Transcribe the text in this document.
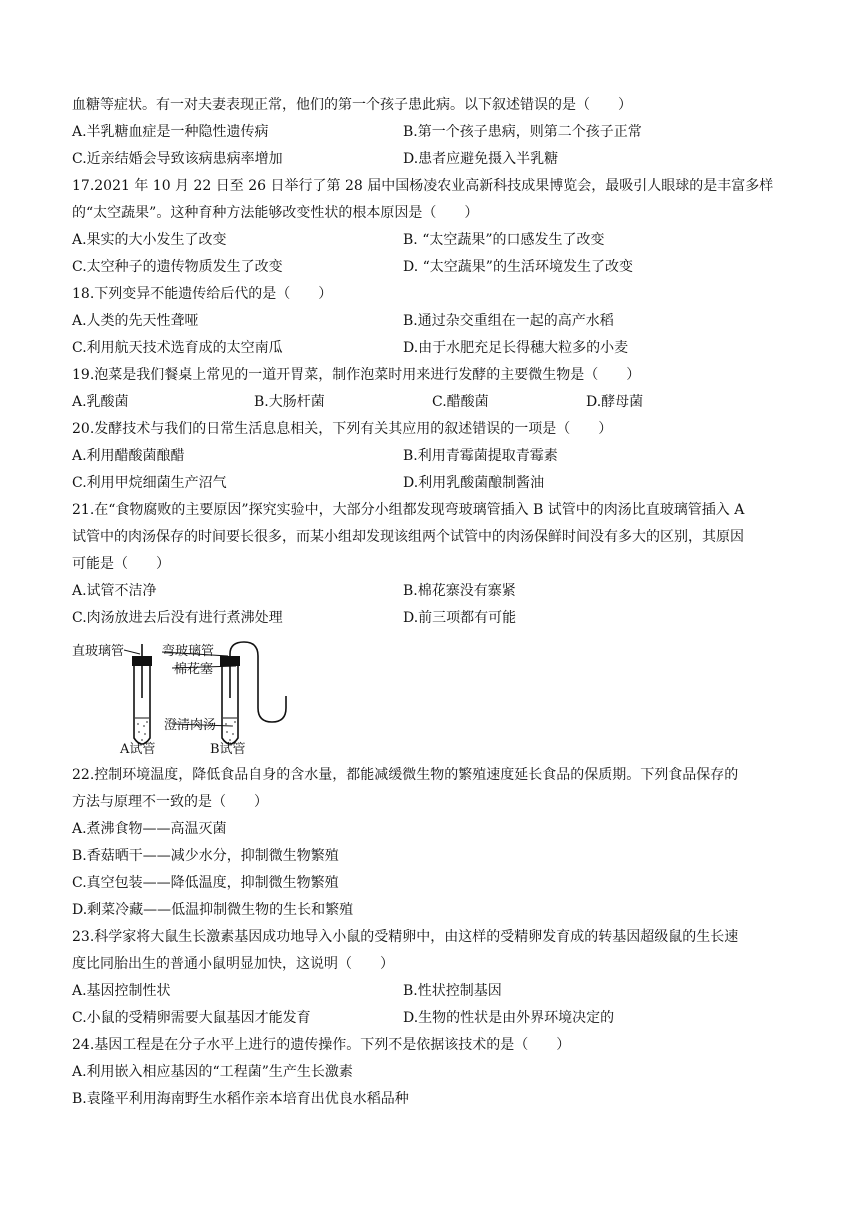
血糖等症状。有一对夫妻表现正常，他们的第一个孩子患此病。以下叙述错误的是（　　）
A.半乳糖血症是一种隐性遗传病	B.第一个孩子患病，则第二个孩子正常
C.近亲结婚会导致该病患病率增加	D.患者应避免摄入半乳糖
17.2021 年 10 月 22 日至 26 日举行了第 28 届中国杨凌农业高新科技成果博览会，最吸引人眼球的是丰富多样
的“太空蔬果”。这种育种方法能够改变性状的根本原因是（　　）
A.果实的大小发生了改变	B. “太空蔬果”的口感发生了改变
C.太空种子的遗传物质发生了改变	D. “太空蔬果”的生活环境发生了改变
18.下列变异不能遗传给后代的是（　　）
A.人类的先天性聋哑	B.通过杂交重组在一起的高产水稻
C.利用航天技术选育成的太空南瓜	D.由于水肥充足长得穗大粒多的小麦
19.泡菜是我们餐桌上常见的一道开胃菜，制作泡菜时用来进行发酵的主要微生物是（　　）
A.乳酸菌	B.大肠杆菌	C.醋酸菌	D.酵母菌
20.发酵技术与我们的日常生活息息相关，下列有关其应用的叙述错误的一项是（　　）
A.利用醋酸菌酿醋	B.利用青霉菌提取青霉素
C.利用甲烷细菌生产沼气	D.利用乳酸菌酿制酱油
21.在“食物腐败的主要原因”探究实验中，大部分小组都发现弯玻璃管插入 B 试管中的肉汤比直玻璃管插入 A
试管中的肉汤保存的时间要长很多，而某小组却发现该组两个试管中的肉汤保鲜时间没有多大的区别，其原因
可能是（　　）
A.试管不洁净	B.棉花寨没有寨紧
C.肉汤放进去后没有进行煮沸处理	D.前三项都有可能
直玻璃管	弯玻璃管
棉花塞
澄清肉汤
A试管	B试管
22.控制环境温度，降低食品自身的含水量，都能减缓微生物的繁殖速度延长食品的保质期。下列食品保存的
方法与原理不一致的是（　　）
A.煮沸食物——高温灭菌
B.香菇晒干——减少水分，抑制微生物繁殖
C.真空包装——降低温度，抑制微生物繁殖
D.剩菜冷藏——低温抑制微生物的生长和繁殖
23.科学家将大鼠生长激素基因成功地导入小鼠的受精卵中，由这样的受精卵发育成的转基因超级鼠的生长速
度比同胎出生的普通小鼠明显加快，这说明（　　）
A.基因控制性状	B.性状控制基因
C.小鼠的受精卵需要大鼠基因才能发育	D.生物的性状是由外界环境决定的
24.基因工程是在分子水平上进行的遗传操作。下列不是依据该技术的是（　　）
A.利用嵌入相应基因的“工程菌”生产生长激素
B.袁隆平利用海南野生水稻作亲本培育出优良水稻品种
